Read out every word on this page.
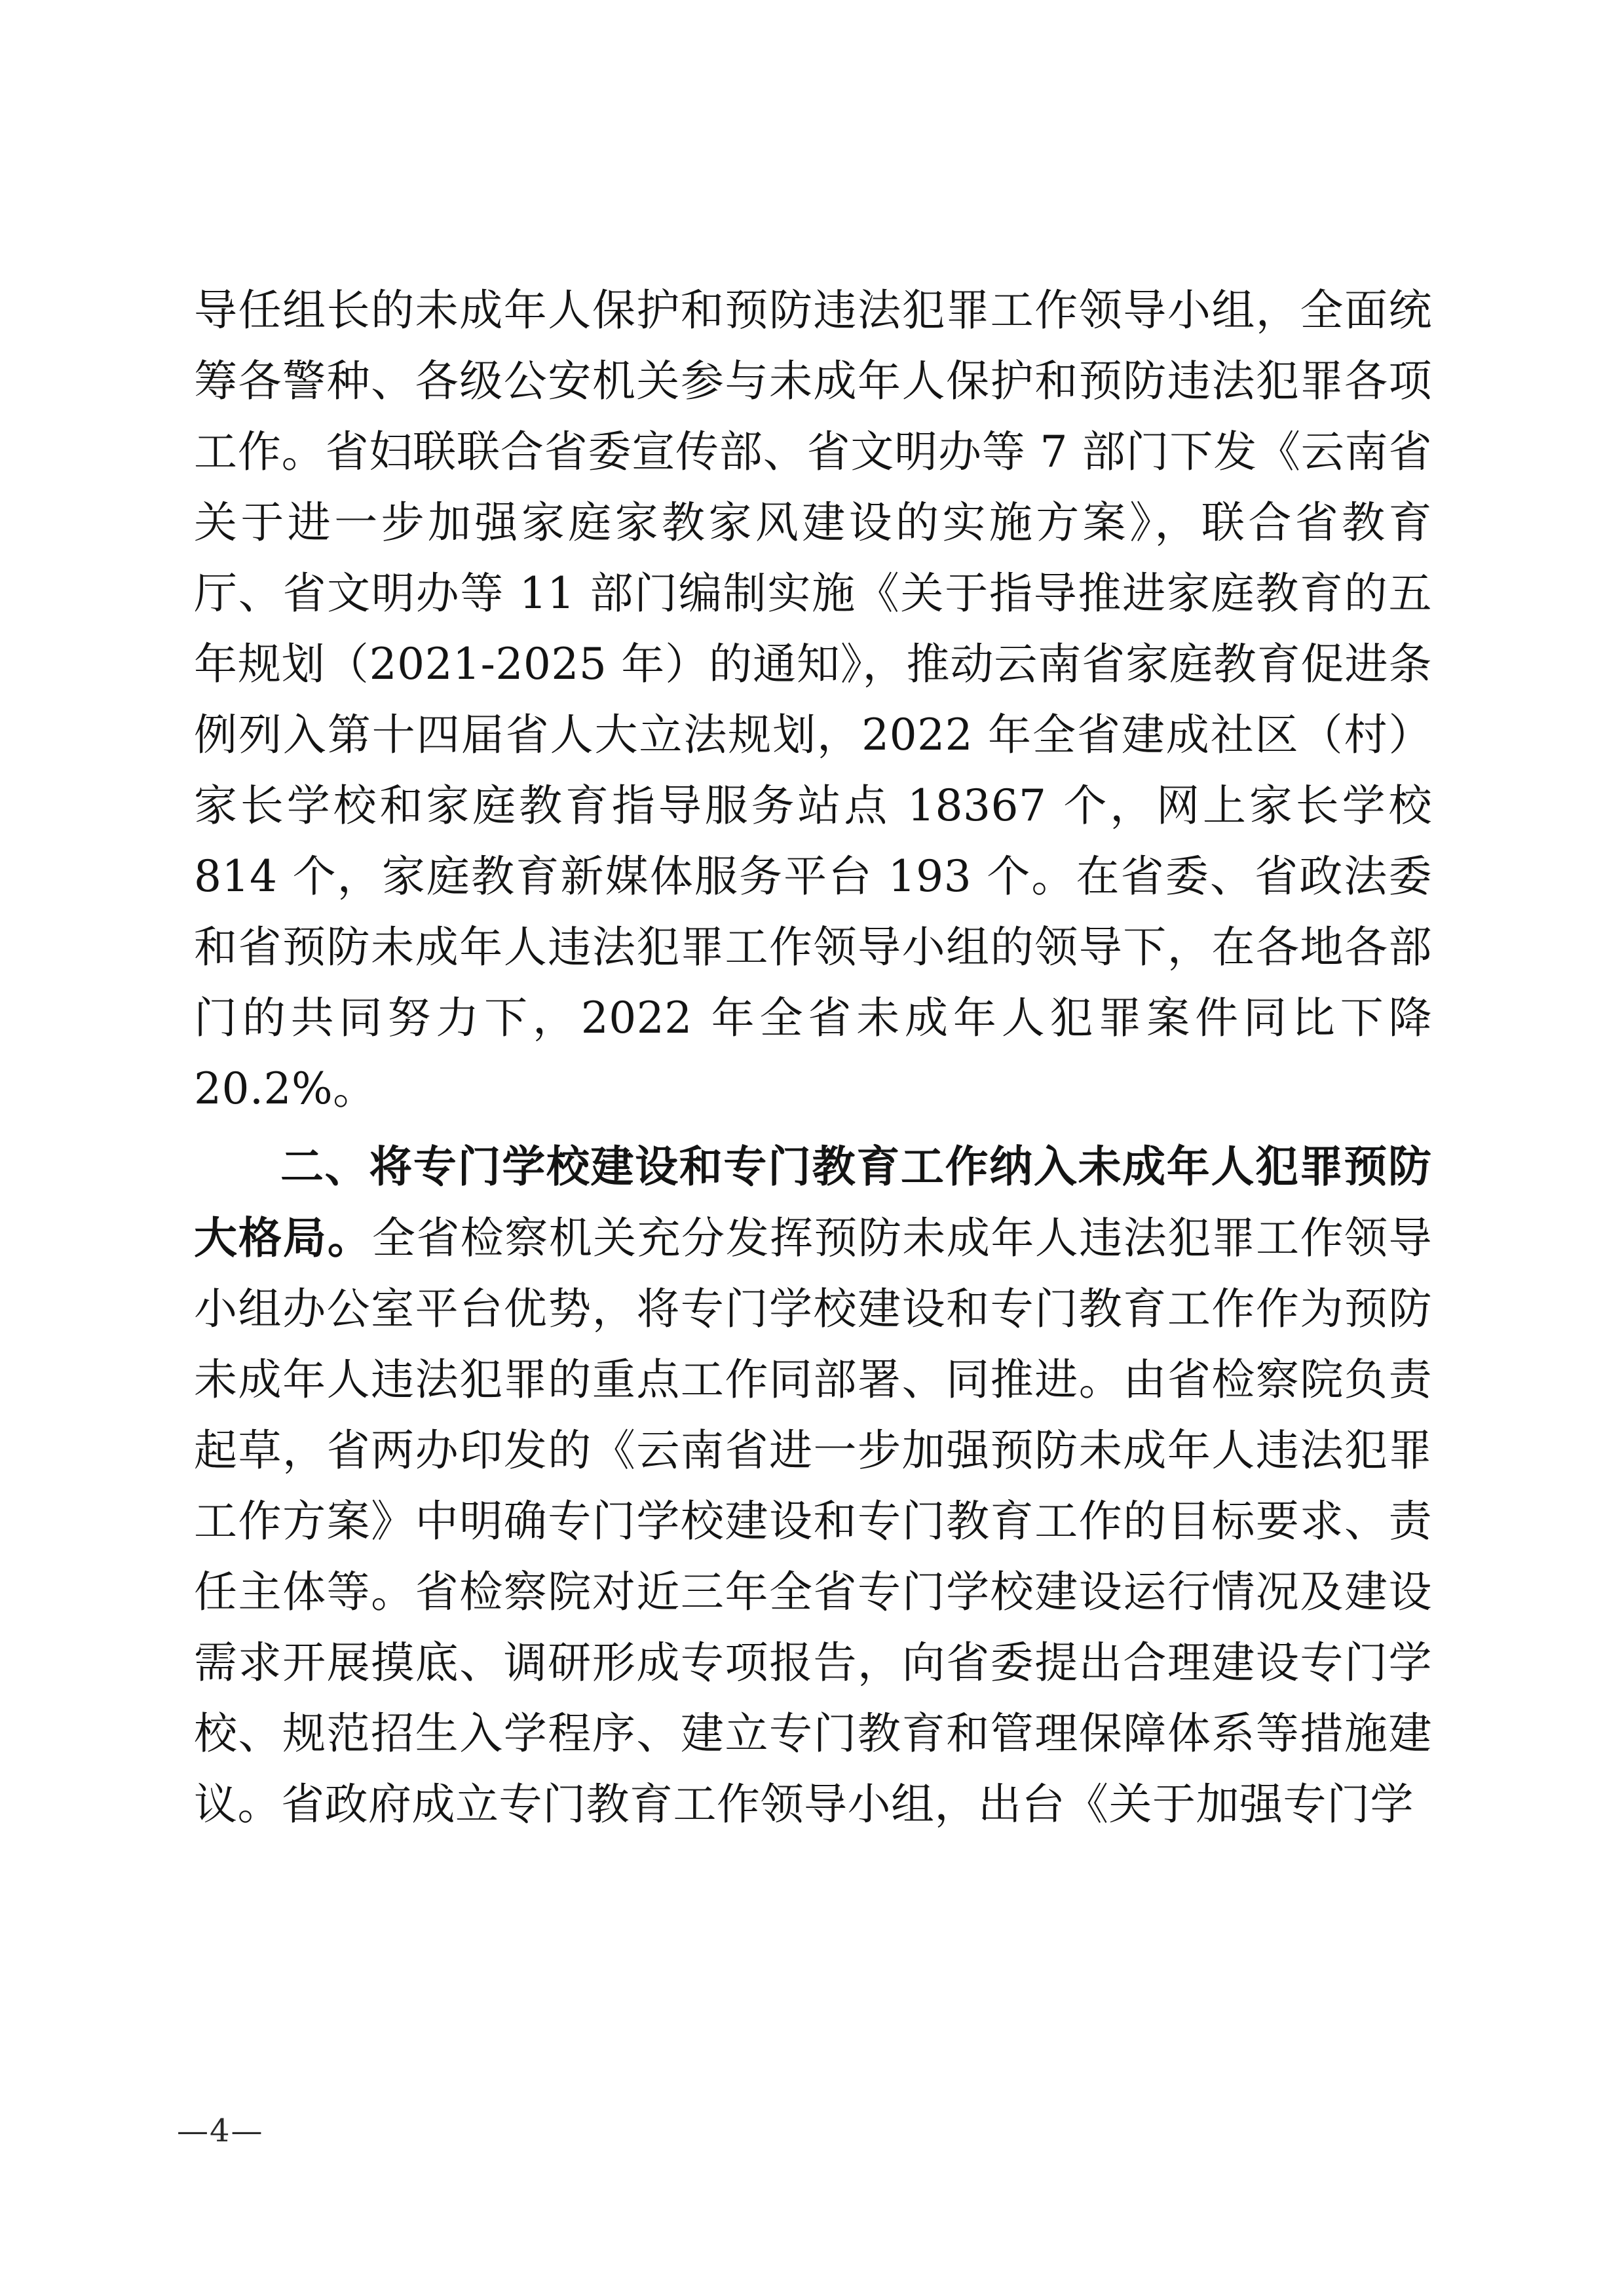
导任组长的未成年人保护和预防违法犯罪工作领导小组，全面统筹各警种、各级公安机关参与未成年人保护和预防违法犯罪各项工作。省妇联联合省委宣传部、省文明办等 7 部门下发《云南省关于进一步加强家庭家教家风建设的实施方案》，联合省教育厅、省文明办等 11 部门编制实施《关于指导推进家庭教育的五年规划（2021-2025 年）的通知》，推动云南省家庭教育促进条例列入第十四届省人大立法规划，2022 年全省建成社区（村）家长学校和家庭教育指导服务站点 18367 个，网上家长学校 814 个，家庭教育新媒体服务平台 193 个。在省委、省政法委和省预防未成年人违法犯罪工作领导小组的领导下，在各地各部门的共同努力下，2022 年全省未成年人犯罪案件同比下降 20.2%。

二、将专门学校建设和专门教育工作纳入未成年人犯罪预防大格局。全省检察机关充分发挥预防未成年人违法犯罪工作领导小组办公室平台优势，将专门学校建设和专门教育工作作为预防未成年人违法犯罪的重点工作同部署、同推进。由省检察院负责起草，省两办印发的《云南省进一步加强预防未成年人违法犯罪工作方案》中明确专门学校建设和专门教育工作的目标要求、责任主体等。省检察院对近三年全省专门学校建设运行情况及建设需求开展摸底、调研形成专项报告，向省委提出合理建设专门学校、规范招生入学程序、建立专门教育和管理保障体系等措施建议。省政府成立专门教育工作领导小组，出台《关于加强专门学

—4—
